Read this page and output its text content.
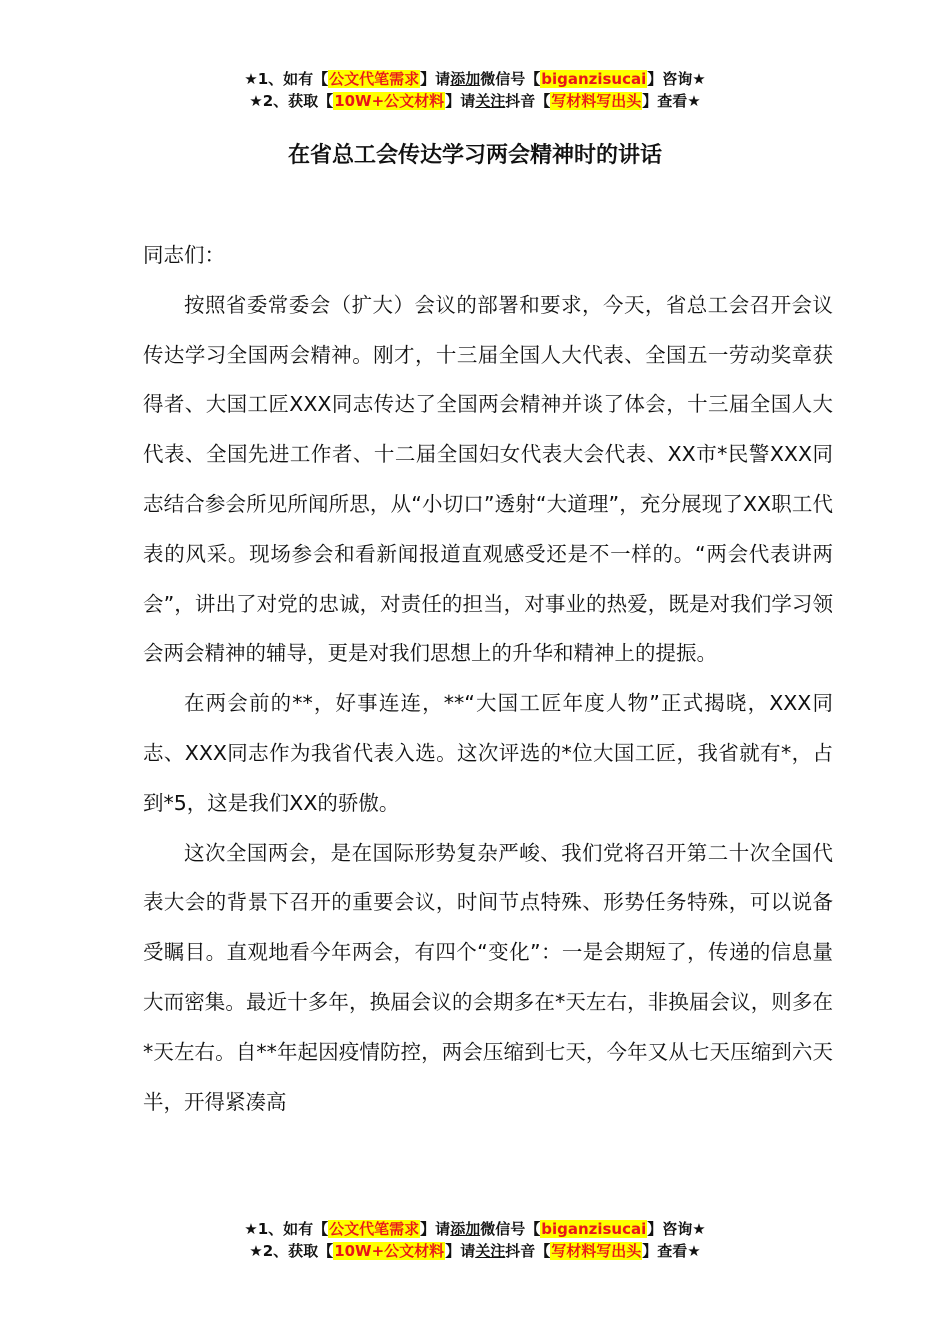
★1、如有【公文代笔需求】请添加微信号【biganzisucai】咨询★
★2、获取【10W+公文材料】请关注抖音【写材料写出头】查看★
在省总工会传达学习两会精神时的讲话

同志们：

按照省委常委会（扩大）会议的部署和要求，今天，省总工会召开会议传达学习全国两会精神。刚才，十三届全国人大代表、全国五一劳动奖章获得者、大国工匠XXX同志传达了全国两会精神并谈了体会，十三届全国人大代表、全国先进工作者、十二届全国妇女代表大会代表、XX市*民警XXX同志结合参会所见所闻所思，从“小切口”透射“大道理”，充分展现了XX职工代表的风采。现场参会和看新闻报道直观感受还是不一样的。“两会代表讲两会”，讲出了对党的忠诚，对责任的担当，对事业的热爱，既是对我们学习领会两会精神的辅导，更是对我们思想上的升华和精神上的提振。

在两会前的**，好事连连，**“大国工匠年度人物”正式揭晓，XXX同志、XXX同志作为我省代表入选。这次评选的*位大国工匠，我省就有*，占到*5，这是我们XX的骄傲。

这次全国两会，是在国际形势复杂严峻、我们党将召开第二十次全国代表大会的背景下召开的重要会议，时间节点特殊、形势任务特殊，可以说备受瞩目。直观地看今年两会，有四个“变化”：一是会期短了，传递的信息量大而密集。最近十多年，换届会议的会期多在*天左右，非换届会议，则多在*天左右。自**年起因疫情防控，两会压缩到七天，今年又从七天压缩到六天半，开得紧凑高

★1、如有【公文代笔需求】请添加微信号【biganzisucai】咨询★
★2、获取【10W+公文材料】请关注抖音【写材料写出头】查看★
